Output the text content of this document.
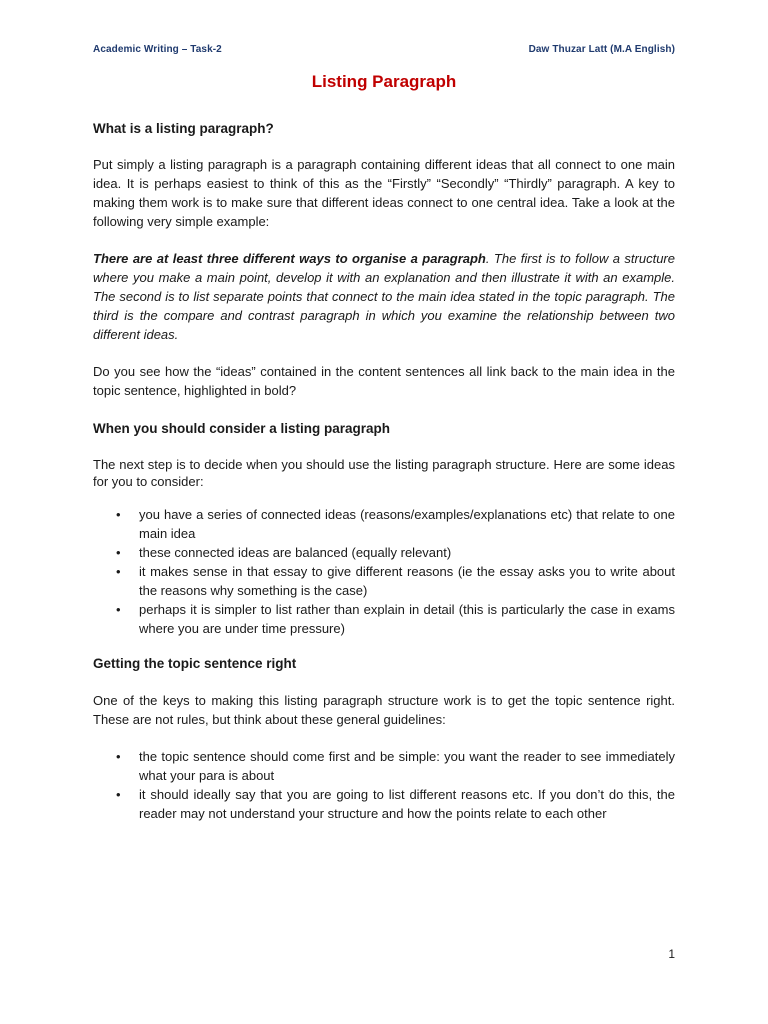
Academic Writing – Task-2	Daw Thuzar Latt (M.A English)
Listing Paragraph
What is a listing paragraph?

Put simply a listing paragraph is a paragraph containing different ideas that all connect to one main idea. It is perhaps easiest to think of this as the “Firstly” “Secondly” “Thirdly” paragraph. A key to making them work is to make sure that different ideas connect to one central idea. Take a look at the following very simple example:

There are at least three different ways to organise a paragraph. The first is to follow a structure where you make a main point, develop it with an explanation and then illustrate it with an example. The second is to list separate points that connect to the main idea stated in the topic paragraph. The third is the compare and contrast paragraph in which you examine the relationship between two different ideas.

Do you see how the “ideas” contained in the content sentences all link back to the main idea in the topic sentence, highlighted in bold?

When you should consider a listing paragraph

The next step is to decide when you should use the listing paragraph structure. Here are some ideas for you to consider:

• you have a series of connected ideas (reasons/examples/explanations etc) that relate to one main idea
• these connected ideas are balanced (equally relevant)
• it makes sense in that essay to give different reasons (ie the essay asks you to write about the reasons why something is the case)
• perhaps it is simpler to list rather than explain in detail (this is particularly the case in exams where you are under time pressure)
Getting the topic sentence right

One of the keys to making this listing paragraph structure work is to get the topic sentence right. These are not rules, but think about these general guidelines:

• the topic sentence should come first and be simple: you want the reader to see immediately what your para is about
• it should ideally say that you are going to list different reasons etc. If you don’t do this, the reader may not understand your structure and how the points relate to each other
1
